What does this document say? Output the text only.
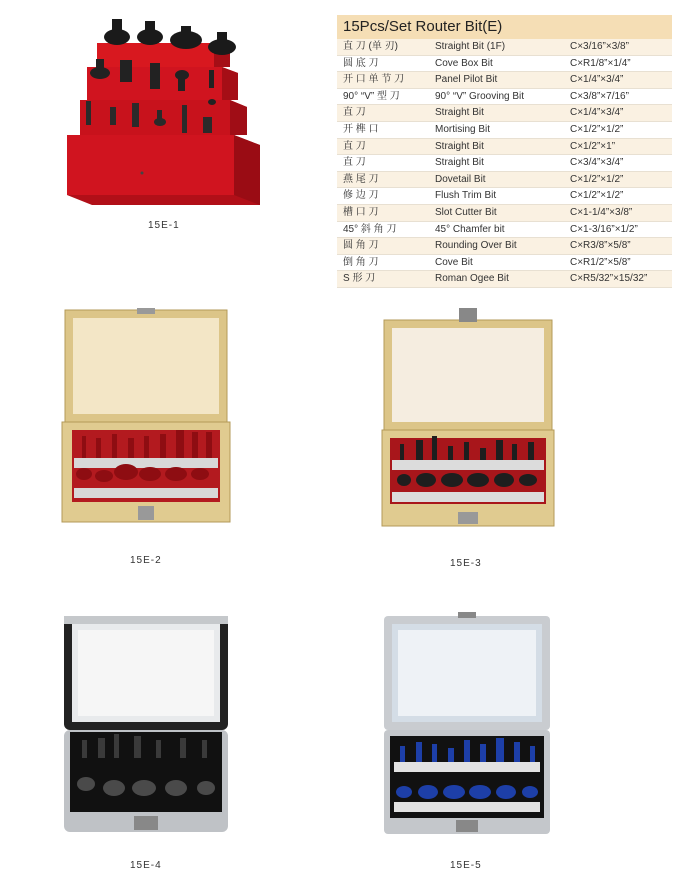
15E-1
15Pcs/Set Router Bit(E)
直 刀 (单 刃)	Straight Bit (1F)	C×3/16”×3/8”
圆 底 刀	Cove Box Bit	C×R1/8”×1/4”
开 口 单 节 刀	Panel Pilot Bit	C×1/4”×3/4”
90° “V” 型 刀	90° “V” Grooving Bit	C×3/8”×7/16”
直 刀	Straight Bit	C×1/4”×3/4”
开 榫 口	Mortising Bit	C×1/2”×1/2”
直 刀	Straight Bit	C×1/2”×1”
直 刀	Straight Bit	C×3/4”×3/4”
燕 尾 刀	Dovetail Bit	C×1/2”×1/2”
修 边 刀	Flush Trim Bit	C×1/2”×1/2”
槽 口 刀	Slot Cutter Bit	C×1-1/4”×3/8”
45° 斜 角 刀	45° Chamfer bit	C×1-3/16”×1/2”
圆 角 刀	Rounding Over Bit	C×R3/8”×5/8”
倒 角 刀	Cove Bit	C×R1/2”×5/8”
S 形 刀	Roman Ogee Bit	C×R5/32”×15/32”
15E-2	15E-3
15E-4	15E-5
